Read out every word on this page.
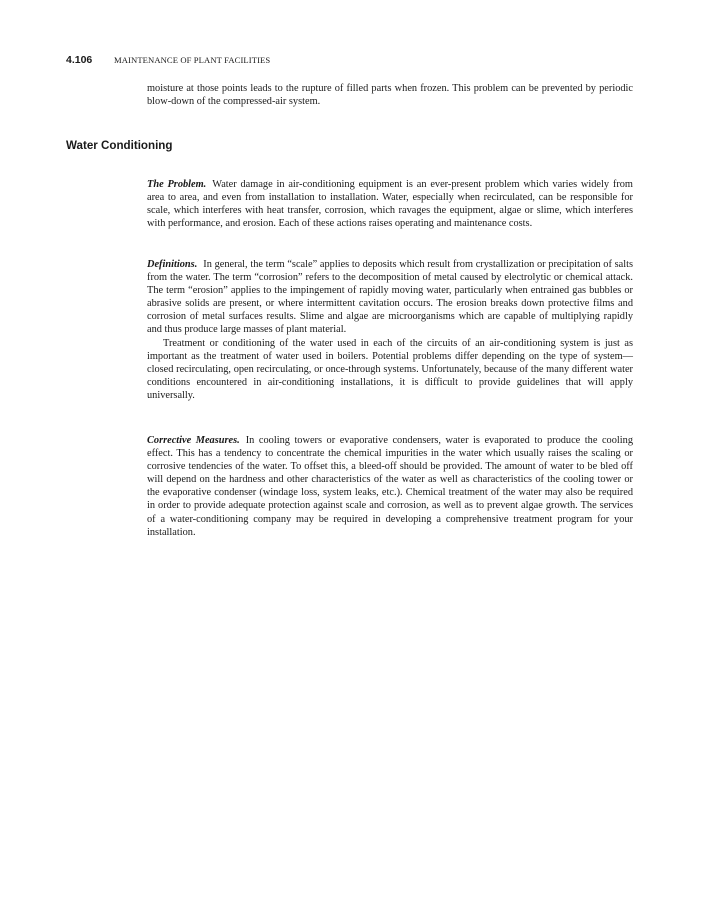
4.106	MAINTENANCE OF PLANT FACILITIES

moisture at those points leads to the rupture of filled parts when frozen. This problem can be prevented by periodic blow-down of the compressed-air system.

Water Conditioning

The Problem. Water damage in air-conditioning equipment is an ever-present problem which varies widely from area to area, and even from installation to installation. Water, especially when recirculated, can be responsible for scale, which interferes with heat transfer, corrosion, which ravages the equipment, algae or slime, which interferes with performance, and erosion. Each of these actions raises operating and maintenance costs.

Definitions. In general, the term “scale” applies to deposits which result from crystallization or precipitation of salts from the water. The term “corrosion” refers to the decomposition of metal caused by electrolytic or chemical attack. The term “erosion” applies to the impingement of rapidly moving water, particularly when entrained gas bubbles or abrasive solids are present, or where intermittent cavitation occurs. The erosion breaks down protective films and corrosion of metal surfaces results. Slime and algae are microorganisms which are capable of multiplying rapidly and thus produce large masses of plant material.

Treatment or conditioning of the water used in each of the circuits of an air-conditioning system is just as important as the treatment of water used in boilers. Potential problems differ depending on the type of system—closed recirculating, open recirculating, or once-through systems. Unfortunately, because of the many different water conditions encountered in air-conditioning installations, it is difficult to provide guidelines that will apply universally.

Corrective Measures. In cooling towers or evaporative condensers, water is evaporated to produce the cooling effect. This has a tendency to concentrate the chemical impurities in the water which usually raises the scaling or corrosive tendencies of the water. To offset this, a bleed-off should be provided. The amount of water to be bled off will depend on the hardness and other characteristics of the water as well as characteristics of the cooling tower or the evaporative condenser (windage loss, system leaks, etc.). Chemical treatment of the water may also be required in order to provide adequate protection against scale and corrosion, as well as to prevent algae growth. The services of a water-conditioning company may be required in developing a comprehensive treatment program for your installation.
